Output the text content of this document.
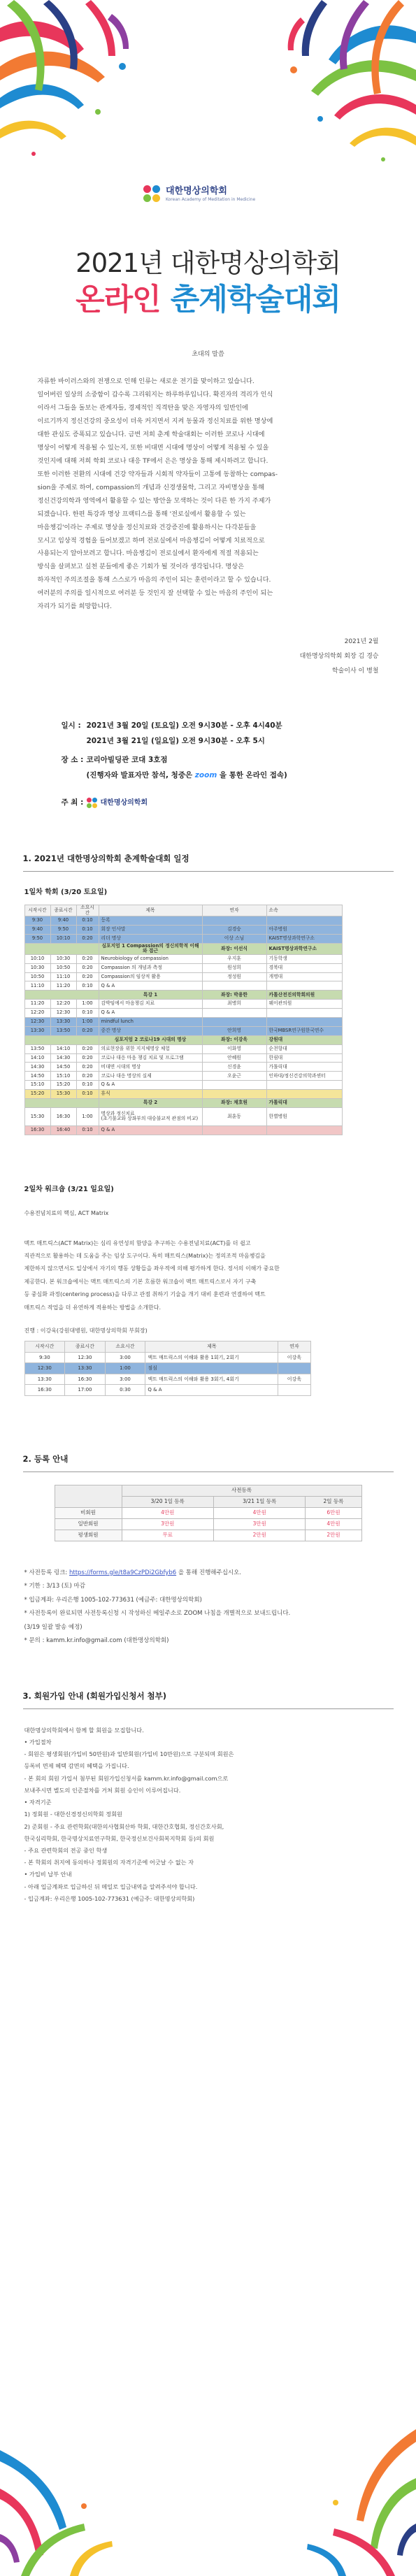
대한명상의학회
Korean Academy of Meditation in Medicine
2021년 대한명상의학회
온라인 춘계학술대회
초대의 말씀
자류한 바이러스와의 전쟁으로 인해 인류는 새로운 전기를 맞이하고 있습니다.
일어버린 일상의 소중함이 갑수록 그리워지는 하루하루입니다. 확진자의 격리가 인식
이라서 그들을 돌보는 관계자들, 경제적인 직격탄을 맞은 자영자의 일반인에
이르기까지 정신건강의 중요성이 더욱 커지면서 지켜 동물과 정신치료를 위한 명상에
대한 관심도 증폭되고 있습니다. 금번 저희 춘계 학술대회는 이러한 코로나 시대에
명상이 어떻게 적용될 수 있는지, 또한 비대면 시대에 명상이 어떻게 적용될 수 있을
것인지에 대해 저희 학회 코로나 대응 TF에서 은은 명상을 통해 제시하려고 합니다.
또한 이러한 전환의 시대에 건강 약자들과 시회적 약자들이 고통에 동참하는 compas-
sion을 주제로 하여, compassion의 개념과 신경생물학, 그리고 자비명상을 통해
정신건강의학과 영역에서 활용할 수 있는 방안을 모색하는 것이 다른 한 가지 주제가
되겠습니다. 한편 특강과 명상 프랙티스를 통해 '전로실에서 활용할 수 있는
마음챙김'이라는 주제로 명상을 정신치료와 건강증진에 활용하시는 다각분들을
모시고 임상적 경험을 들어보겠고 하며 전로실에서 마음챙김이 어떻게 치료적으로
사용되는지 알아보려고 합니다. 마음챙김이 전로실에서 환자에게 적절 적용되는
방식을 살펴보고 실천 분들에게 좋은 기회가 될 것이라 생각됩니다. 명상은
하자적인 주의조절을 통해 스스로가 마음의 주인이 되는 훈련이라고 할 수 있습니다.
여러분의 주의를 일시적으로 여러분 등 것인지 잘 선택할 수 있는 마음의 주인이 되는
자리가 되기를 희망합니다.
2021년 2월
대한명상의학회 회장 김 경승
학술이사 이 병철
일시 : 2021년 3월 20일 (토요일) 오전 9시30분 - 오후 4시40분
2021년 3월 21일 (일요일) 오전 9시30분 - 오후 5시
장 소 : 코리아빌딩관 코대 3호점
(진행자와 발표자만 참석, 청중은 zoom 을 통한 온라인 접속)
주 최 :	대한명상의학회
1. 2021년 대한명상의학회 춘계학술대회 일정
1일차 학회 (3/20 토요일)
시작시간	종료시간	소요시간	제목	연자	소속
9:30	9:40	0:10	등록		
9:40	9:50	0:10	회장 인사말	김경승	아주병원
9:50	10:10	0:20	리더 명상	이상 스님	KAIST명상과학연구소
			심포지엄 1 Compassion의 정신의학적 이해와 접근	좌장: 이선식	KAIST명상과학연구소
10:10	10:30	0:20	Neurobiology of compassion	우지훈	기동학생
10:30	10:50	0:20	Compassion 의 개념과 측정	원성희	경북대
10:50	11:10	0:20	Compassion의 임상적 활용	정성원	개명대
11:10	11:20	0:10	Q & A		
			특강 1	좌장: 박용한	카톨산전진의학회의원
11:20	12:20	1:00	감박임에서 마음챙김 치료	최병희	웨이관의원
12:20	12:30	0:10	Q & A		
12:30	13:30	1:00	mindful lunch		
13:30	13:50	0:20	중간 명상	안희영	한국MBSR연구원한국연수
			심포지엄 2 코로나19 시대의 명상	좌장: 이강욱	강원대
13:50	14:10	0:20	의료현장을 위한 지지체명상 체험	이화영	순천향대
14:10	14:30	0:20	코로나 대응 마음 챙김 치료 및 프로그램	안혜원	한림대
14:30	14:50	0:20	비대면 시대의 명상	신경윤	가톨릭대
14:50	15:10	0:20	코로나 대응 명상의 실제	오윤근	인하대/정신건강의학과센터
15:10	15:20	0:10	Q & A		
15:20	15:30	0:10	휴식		
			특강 2	좌장: 채호원	가톨릭대
15:30	16:30	1:00	명상과 정신치료
(초기불교와 상좌부의 대승불교적 관점의 비교)	최훈동	한별병원
16:30	16:40	0:10	Q & A		
2일차 워크숍 (3/21 일요일)
수용전념치료의 핵심, ACT Matrix
맥트 매트릭스(ACT Matrix)는 심리 유연성의 함양을 추구하는 수용전념치료(ACT)를 더 쉽고
직관적으로 활용하는 데 도움을 주는 임상 도구이다. 특히 매트릭스(Matrix)는 정의조적 마음챙김을
제한하지 않으면서도 일상에서 자기의 행동 상황들을 좌우적에 의해 평가하게 한다. 정서의 이해가 중요한
제공한다. 본 워크숍에서는 맥트 매트릭스의 기본 흐름한 워크숍이 맥트 매트릭스로서 자기 구축
등 중심화 과정(centering process)을 다루고 관점 취하기 기술을 개기 대비 훈련과 연결하여 맥트
매트릭스 작업을 더 유연하게 적용하는 방법을 소개한다.
진행 : 이강욱(강원대병원, 대한명상의학회 부회장)
시작시간	종료시간	소요시간	제목	연자
9:30	12:30	3:00	액트 매트릭스의 이해와 활용 1회기, 2회기	이강욱
12:30	13:30	1:00	점심	
13:30	16:30	3:00	액트 매트릭스의 이해와 활용 3회기, 4회기	이강욱
16:30	17:00	0:30	Q & A	
2. 등록 안내
	사전등록		
	3/20 1일 등록	3/21 1일 등록	2일 등록
비회원	4만원	4만원	6만원
일반회원	3만원	3만원	4만원
평생회원	무료	2만원	2만원
* 사전등록 링크: https://forms.gle/t8a9CzPDi2Gbfyb6 을 통해 진행해주십시오.
* 기한 : 3/13 (토) 마감
* 입금계좌: 우리은행 1005-102-773631 (예금주: 대한명상의학회)
* 사전등록이 완료되면 사전등록신청 시 작성하신 메일주소로 ZOOM 나침을 개별적으로 보내드립니다.
(3/19 일괄 발송 예정)
* 문의 : kamm.kr.info@gmail.com (대한명상의학회)
3. 회원가입 안내 (회원가입신청서 첨부)
대한명상의학회에서 함께 할 회원을 모집합니다.
• 가입절차
- 회원은 평생회원(가입비 50만원)과 일반회원(가입비 10만원)으로 구분되며 회원은
등록비 면제 혜택 감면의 혜택을 가집니다.
- 본 회의 회원 가입서 첨부된 회원가입신청서를 kamm.kr.info@gmail.com으로
보내주시면 별도의 인준절차를 거쳐 회원 승인이 이루어집니다.
• 자격기준
1) 정회원 - 대한신경정신의학회 정회원
2) 준회원 - 주요 관련학회(대한의사협회산하 학회, 대한간호협회, 정신간호사회,
한국심리학회, 한국명상치료연구학회, 한국정신보건사회복지학회 등)의 회원
- 주요 관련학회의 전공 중인 학생
- 본 학회의 취지에 동의하나 정회원의 자격기준에 어긋날 수 없는 자
• 가입비 납부 안내
- 아래 입금계좌로 입금하신 뒤 메일로 입금내역을 알려주셔야 합니다.
- 입금계좌: 우리은행 1005-102-773631 (예금주: 대한명상의학회)
